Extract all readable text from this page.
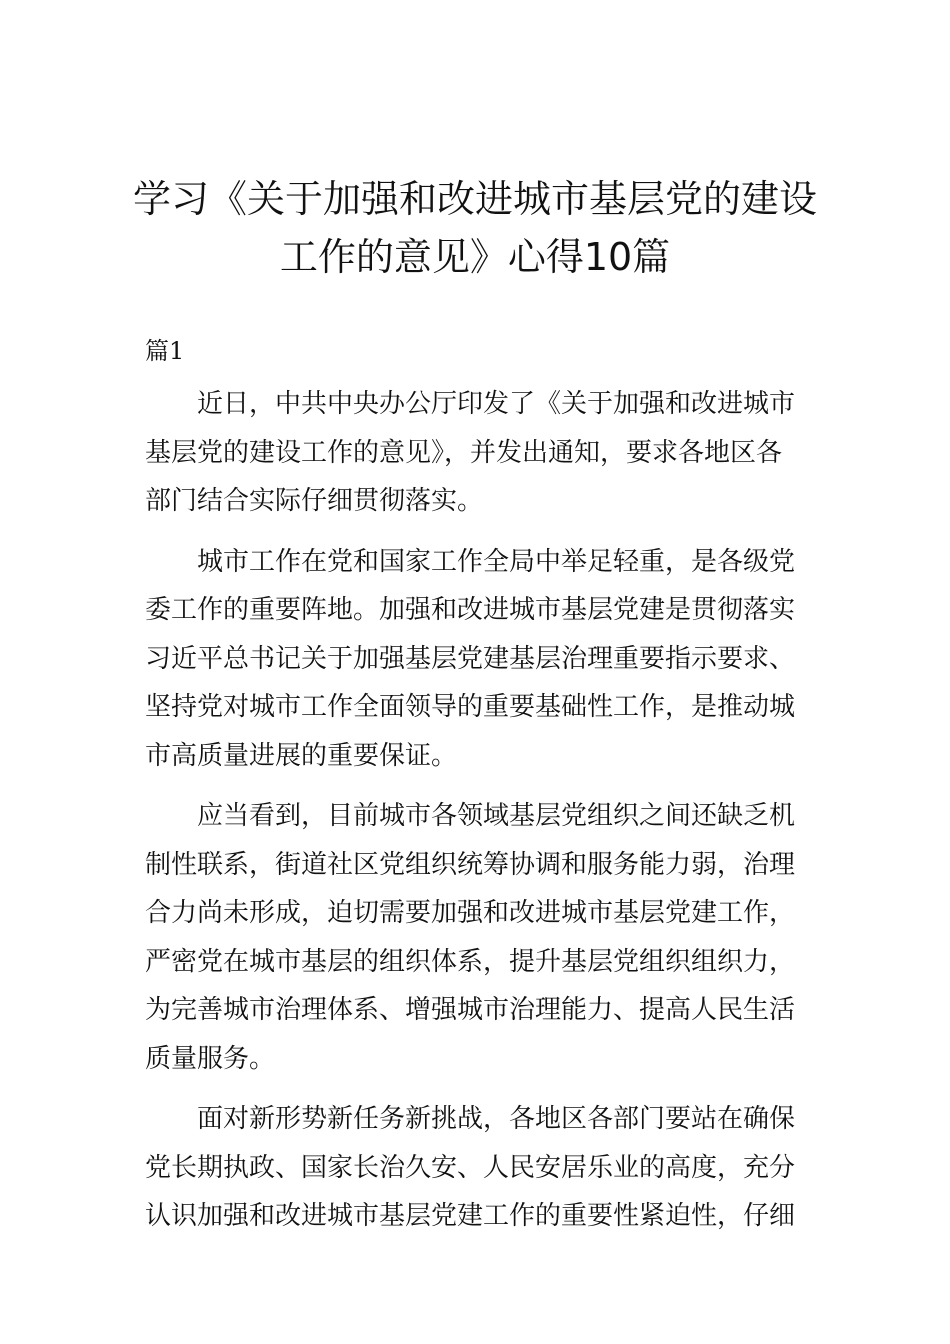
学习《关于加强和改进城市基层党的建设
工作的意见》心得10篇
篇1

近日，中共中央办公厅印发了《关于加强和改进城市
基层党的建设工作的意见》，并发出通知，要求各地区各
部门结合实际仔细贯彻落实。

城市工作在党和国家工作全局中举足轻重，是各级党
委工作的重要阵地。加强和改进城市基层党建是贯彻落实
习近平总书记关于加强基层党建基层治理重要指示要求、
坚持党对城市工作全面领导的重要基础性工作，是推动城
市高质量进展的重要保证。

应当看到，目前城市各领域基层党组织之间还缺乏机
制性联系，街道社区党组织统筹协调和服务能力弱，治理
合力尚未形成，迫切需要加强和改进城市基层党建工作，
严密党在城市基层的组织体系，提升基层党组织组织力，
为完善城市治理体系、增强城市治理能力、提高人民生活
质量服务。

面对新形势新任务新挑战，各地区各部门要站在确保
党长期执政、国家长治久安、人民安居乐业的高度，充分
认识加强和改进城市基层党建工作的重要性紧迫性，仔细
